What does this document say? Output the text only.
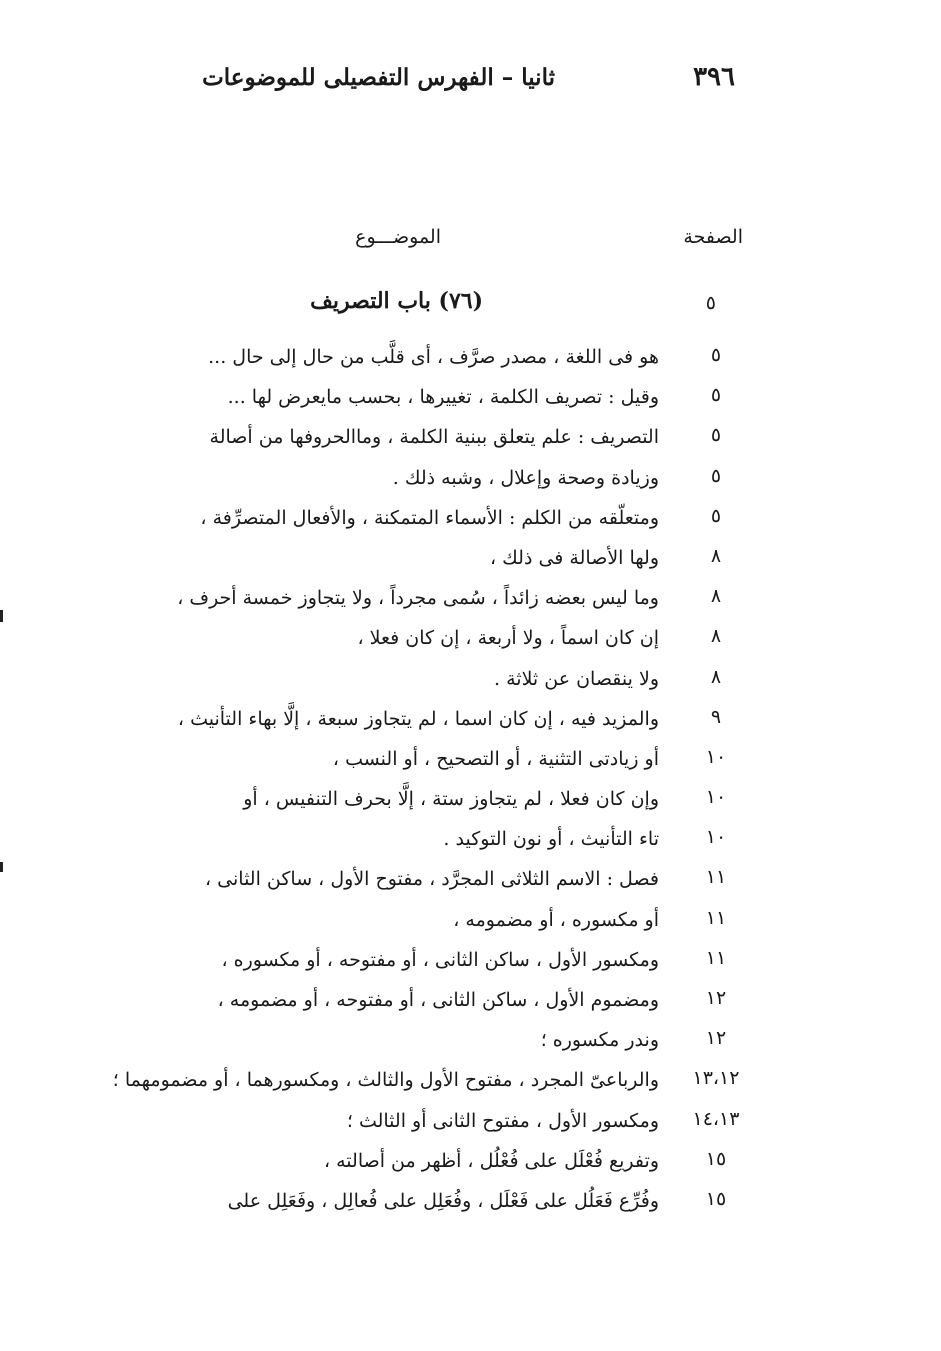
٣٩٦
ثانيا – الفهرس التفصيلى للموضوعات
الصفحة
الموضـــوع
٥
(٧٦) باب التصريف
٥
هو فى اللغة ، مصدر صرَّف ، أى قلَّب من حال إلى حال ...
٥
وقيل : تصريف الكلمة ، تغييرها ، بحسب مايعرض لها ...
٥
التصريف : علم يتعلق ببنية الكلمة ، وماالحروفها من أصالة
٥
وزيادة وصحة وإعلال ، وشبه ذلك .
٥
ومتعلّقه من الكلم : الأسماء المتمكنة ، والأفعال المتصرِّفة ،
٨
ولها الأصالة فى ذلك ،
٨
وما ليس بعضه زائداً ، سُمى مجرداً ، ولا يتجاوز خمسة أحرف ،
٨
إن كان اسماً ، ولا أربعة ، إن كان فعلا ،
٨
ولا ينقصان عن ثلاثة .
٩
والمزيد فيه ، إن كان اسما ، لم يتجاوز سبعة ، إلَّا بهاء التأنيث ،
١٠
أو زيادتى التثنية ، أو التصحيح ، أو النسب ،
١٠
وإن كان فعلا ، لم يتجاوز ستة ، إلَّا بحرف التنفيس ، أو
١٠
تاء التأنيث ، أو نون التوكيد .
١١
فصل : الاسم الثلاثى المجرَّد ، مفتوح الأول ، ساكن الثانى ،
١١
أو مكسوره ، أو مضمومه ،
١١
ومكسور الأول ، ساكن الثانى ، أو مفتوحه ، أو مكسوره ،
١٢
ومضموم الأول ، ساكن الثانى ، أو مفتوحه ، أو مضمومه ،
١٢
وندر مكسوره ؛
١٣،١٢
والرباعىّ المجرد ، مفتوح الأول والثالث ، ومكسورهما ، أو مضمومهما ؛
١٤،١٣
ومكسور الأول ، مفتوح الثانى أو الثالث ؛
١٥
وتفريع فُعْلَل على فُعْلُل ، أظهر من أصالته ،
١٥
وفُرِّع فَعَلُل على فَعْلَل ، وفُعَلِل على فُعالِل ، وفَعَلِل على
